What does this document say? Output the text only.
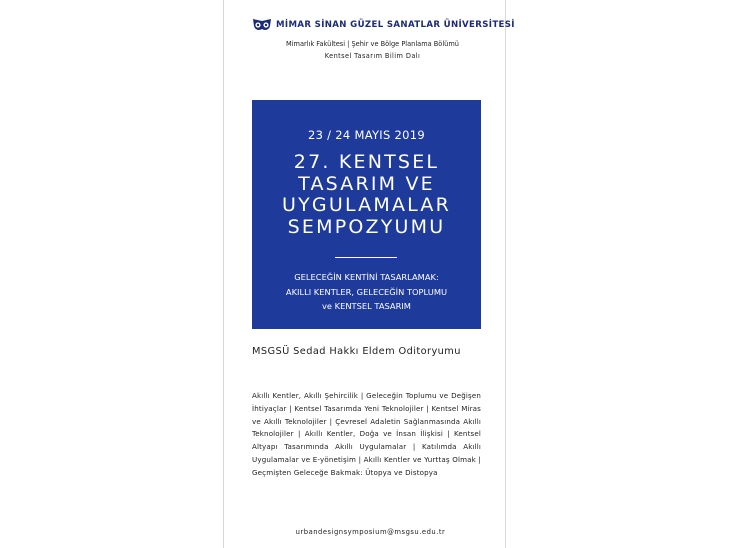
MİMAR SİNAN GÜZEL SANATLAR ÜNİVERSİTESİ
Mimarlık Fakültesi | Şehir ve Bölge Planlama Bölümü
Kentsel Tasarım Bilim Dalı
23 / 24 MAYIS 2019
27. KENTSEL
TASARIM VE
UYGULAMALAR
SEMPOZYUMU
GELECEĞİN KENTİNİ TASARLAMAK:
AKILLI KENTLER, GELECEĞİN TOPLUMU
ve KENTSEL TASARIM
MSGSÜ Sedad Hakkı Eldem Oditoryumu
Akıllı Kentler, Akıllı Şehircilik | Geleceğin Toplumu ve Değişen İhtiyaçlar | Kentsel Tasarımda Yeni Teknolojiler | Kentsel Miras ve Akıllı Teknolojiler | Çevresel Adaletin Sağlanmasında Akıllı Teknolojiler | Akıllı Kentler, Doğa ve İnsan İlişkisi | Kentsel Altyapı Tasarımında Akıllı Uygulamalar | Katılımda Akıllı Uygulamalar ve E-yönetişim | Akıllı Kentler ve Yurttaş Olmak | Geçmişten Geleceğe Bakmak: Ütopya ve Distopya
urbandesignsymposium@msgsu.edu.tr
